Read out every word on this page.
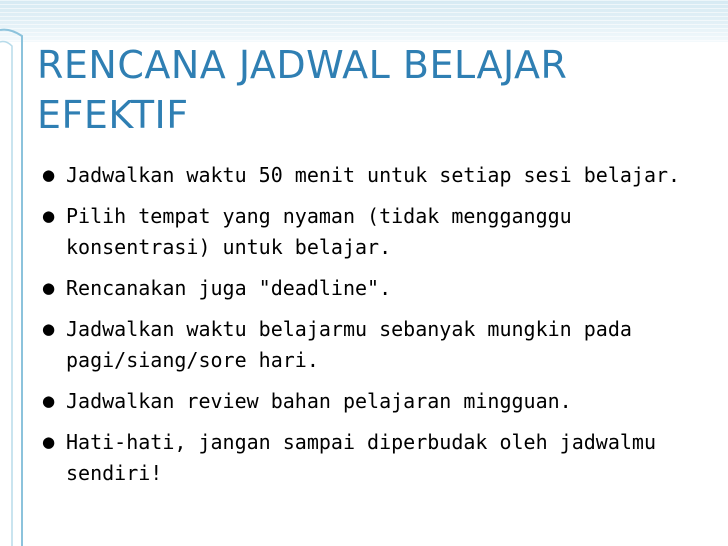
RENCANA JADWAL BELAJAR EFEKTIF
● Jadwalkan waktu 50 menit untuk setiap sesi belajar.
● Pilih tempat yang nyaman (tidak mengganggu konsentrasi) untuk belajar.
● Rencanakan juga "deadline".
● Jadwalkan waktu belajarmu sebanyak mungkin pada pagi/siang/sore hari.
● Jadwalkan review bahan pelajaran mingguan.
● Hati-hati, jangan sampai diperbudak oleh jadwalmu sendiri!
